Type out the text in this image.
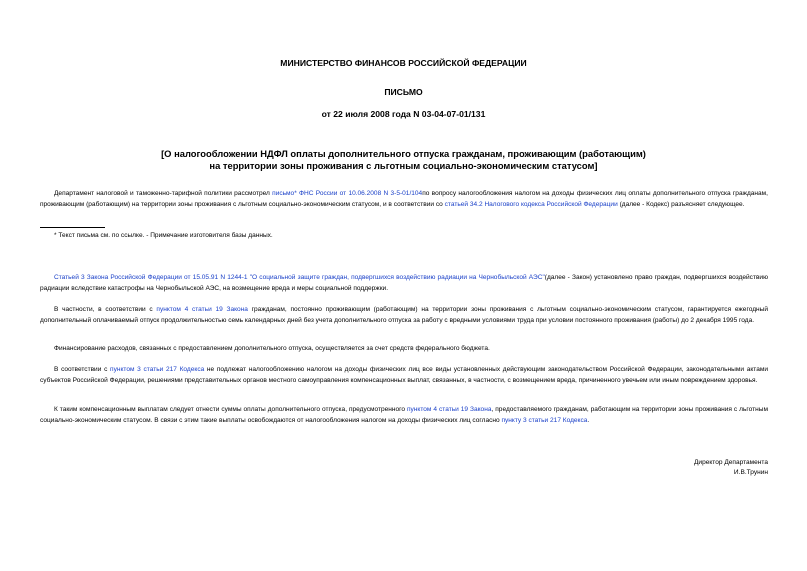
МИНИСТЕРСТВО ФИНАНСОВ РОССИЙСКОЙ ФЕДЕРАЦИИ
ПИСЬМО
от 22 июля 2008 года N 03-04-07-01/131
[О налогообложении НДФЛ оплаты дополнительного отпуска гражданам, проживающим (работающим)
на территории зоны проживания с льготным социально-экономическим статусом]
Департамент налоговой и таможенно-тарифной политики рассмотрел письмо* ФНС России от 10.06.2008 N 3-5-01/104по вопросу налогообложения налогом на доходы физических лиц оплаты дополнительного отпуска гражданам, проживающим (работающим) на территории зоны проживания с льготным социально-экономическим статусом, и в соответствии со статьей 34.2 Налогового кодекса Российской Федерации (далее - Кодекс) разъясняет следующее.
* Текст письма см. по ссылке. - Примечание изготовителя базы данных.
Статьей 3 Закона Российской Федерации от 15.05.91 N 1244-1 "О социальной защите граждан, подвергшихся воздействию радиации на Чернобыльской АЭС"(далее - Закон) установлено право граждан, подвергшихся воздействию радиации вследствие катастрофы на Чернобыльской АЭС, на возмещение вреда и меры социальной поддержки.
В частности, в соответствии с пунктом 4 статьи 19 Закона гражданам, постоянно проживающим (работающим) на территории зоны проживания с льготным социально-экономическим статусом, гарантируется ежегодный дополнительный оплачиваемый отпуск продолжительностью семь календарных дней без учета дополнительного отпуска за работу с вредными условиями труда при условии постоянного проживания (работы) до 2 декабря 1995 года.
Финансирование расходов, связанных с предоставлением дополнительного отпуска, осуществляется за счет средств федерального бюджета.
В соответствии с пунктом 3 статьи 217 Кодекса не подлежат налогообложению налогом на доходы физических лиц все виды установленных действующим законодательством Российской Федерации, законодательными актами субъектов Российской Федерации, решениями представительных органов местного самоуправления компенсационных выплат, связанных, в частности, с возмещением вреда, причиненного увечьем или иным повреждением здоровья.
К таким компенсационным выплатам следует отнести суммы оплаты дополнительного отпуска, предусмотренного пунктом 4 статьи 19 Закона, предоставляемого гражданам, работающим на территории зоны проживания с льготным социально-экономическим статусом. В связи с этим такие выплаты освобождаются от налогообложения налогом на доходы физических лиц согласно пункту 3 статьи 217 Кодекса.
Директор Департамента
И.В.Трунин
